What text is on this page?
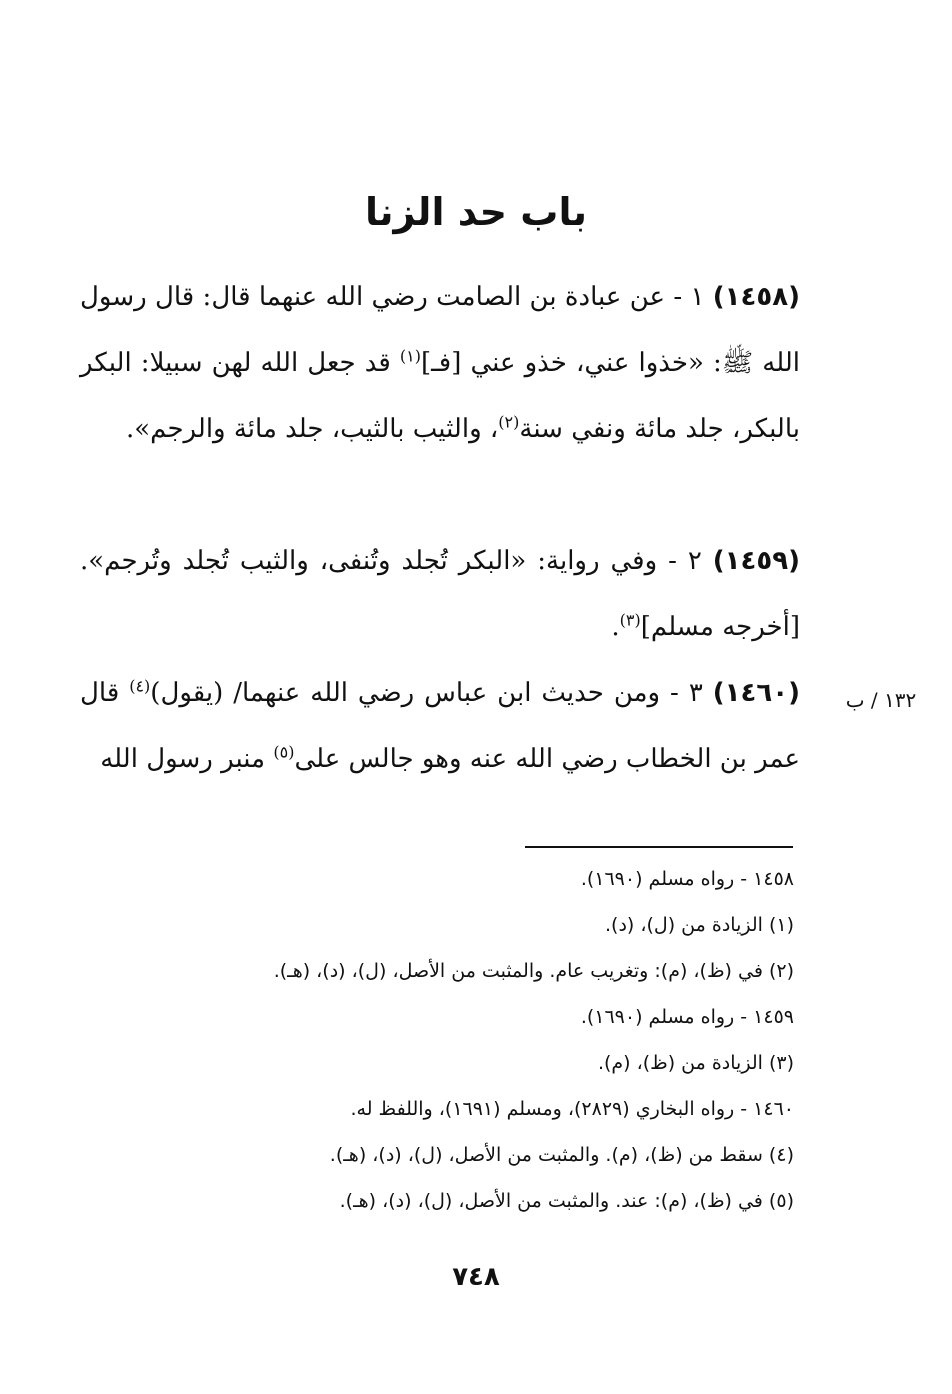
باب حد الزنا
(١٤٥٨) ١ - عن عبادة بن الصامت رضي الله عنهما قال: قال رسول الله ﷺ: «خذوا عني، خذو عني [فـ]$^{(١)}$ قد جعل الله لهن سبيلا: البكر بالبكر، جلد مائة ونفي سنة$^{(٢)}$، والثيب بالثيب، جلد مائة والرجم».
(١٤٥٩) ٢ - وفي رواية: «البكر تُجلد وتُنفى، والثيب تُجلد وتُرجم». [أخرجه مسلم]$^{(٣)}$.
(١٤٦٠) ٣ - ومن حديث ابن عباس رضي الله عنهما/ (يقول)$^{(٤)}$ قال عمر بن الخطاب رضي الله عنه وهو جالس على$^{(٥)}$ منبر رسول الله
١٣٢ / ب
١٤٥٨ - رواه مسلم (١٦٩٠).
(١) الزيادة من (ل)، (د).
(٢) في (ظ)، (م): وتغريب عام. والمثبت من الأصل، (ل)، (د)، (هـ).
١٤٥٩ - رواه مسلم (١٦٩٠).
(٣) الزيادة من (ظ)، (م).
١٤٦٠ - رواه البخاري (٢٨٢٩)، ومسلم (١٦٩١)، واللفظ له.
(٤) سقط من (ظ)، (م). والمثبت من الأصل، (ل)، (د)، (هـ).
(٥) في (ظ)، (م): عند. والمثبت من الأصل، (ل)، (د)، (هـ).
٧٤٨
